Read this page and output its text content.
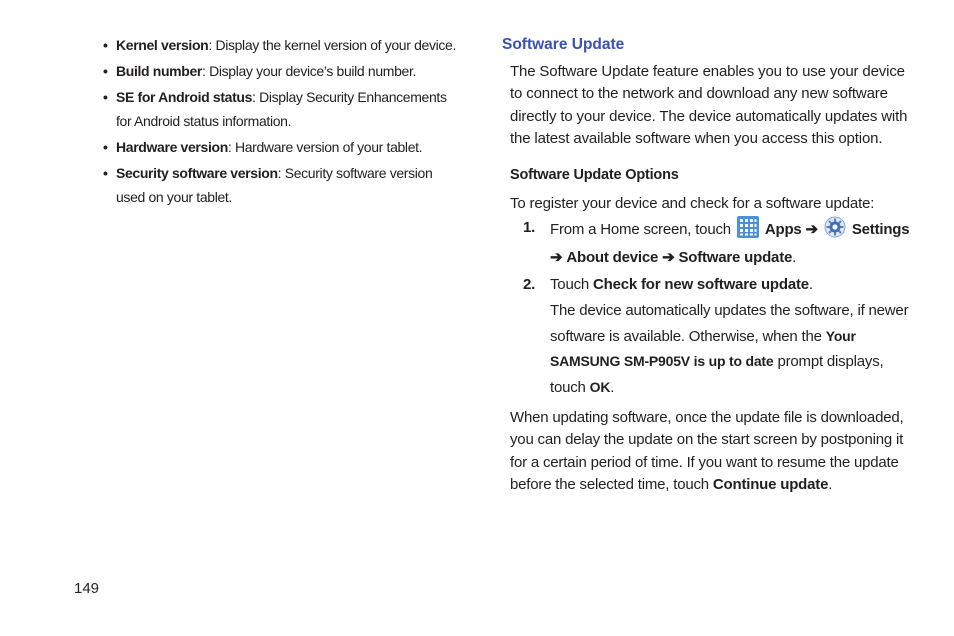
• Kernel version: Display the kernel version of your device.
• Build number: Display your device’s build number.
• SE for Android status: Display Security Enhancements for Android status information.
• Hardware version: Hardware version of your tablet.
• Security software version: Security software version used on your tablet.
Software Update
The Software Update feature enables you to use your device to connect to the network and download any new software directly to your device. The device automatically updates with the latest available software when you access this option.
Software Update Options
To register your device and check for a software update:
1. From a Home screen, touch Apps ➔ Settings
➔ About device ➔ Software update.
2. Touch Check for new software update.
The device automatically updates the software, if newer software is available. Otherwise, when the Your SAMSUNG SM-P905V is up to date prompt displays, touch OK.
When updating software, once the update file is downloaded, you can delay the update on the start screen by postponing it for a certain period of time. If you want to resume the update before the selected time, touch Continue update.
149
